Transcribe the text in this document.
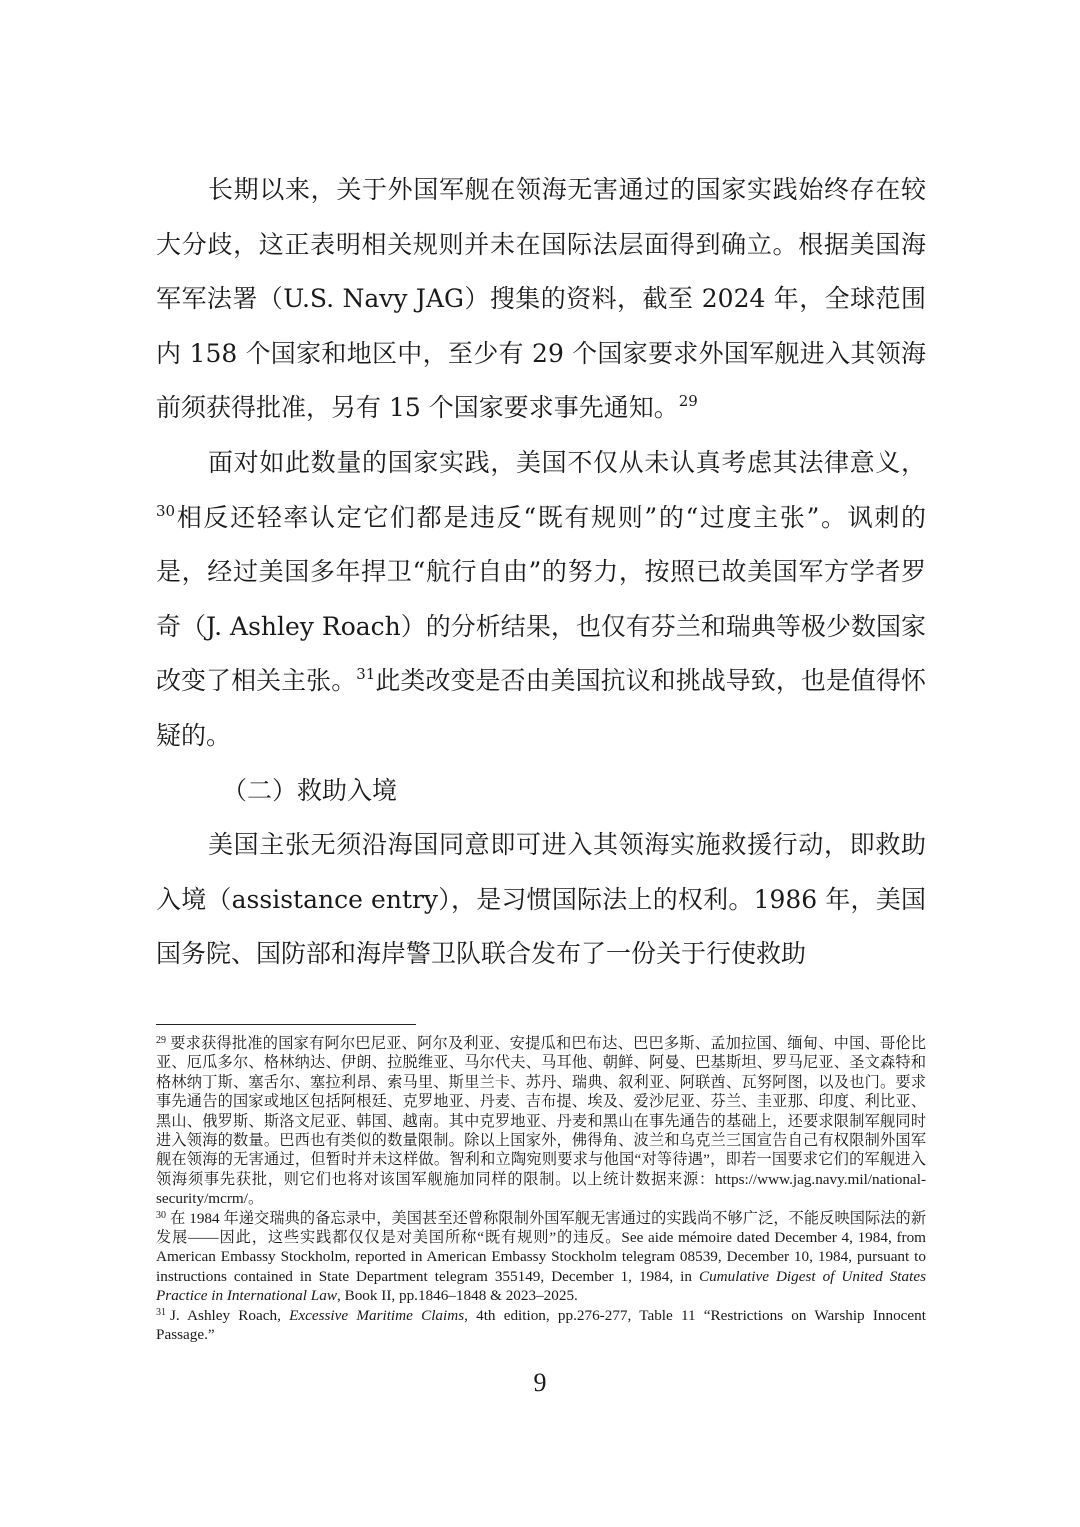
长期以来，关于外国军舰在领海无害通过的国家实践始终存在较大分歧，这正表明相关规则并未在国际法层面得到确立。根据美国海军军法署（U.S. Navy JAG）搜集的资料，截至 2024 年，全球范围内 158 个国家和地区中，至少有 29 个国家要求外国军舰进入其领海前须获得批准，另有 15 个国家要求事先通知。$^{29}$

面对如此数量的国家实践，美国不仅从未认真考虑其法律意义，$^{30}$相反还轻率认定它们都是违反“既有规则”的“过度主张”。讽刺的是，经过美国多年捍卫“航行自由”的努力，按照已故美国军方学者罗奇（J. Ashley Roach）的分析结果，也仅有芬兰和瑞典等极少数国家改变了相关主张。$^{31}$此类改变是否由美国抗议和挑战导致，也是值得怀疑的。

（二）救助入境

美国主张无须沿海国同意即可进入其领海实施救援行动，即救助入境（assistance entry），是习惯国际法上的权利。1986 年，美国国务院、国防部和海岸警卫队联合发布了一份关于行使救助

$^{29}$ 要求获得批准的国家有阿尔巴尼亚、阿尔及利亚、安提瓜和巴布达、巴巴多斯、孟加拉国、缅甸、中国、哥伦比亚、厄瓜多尔、格林纳达、伊朗、拉脱维亚、马尔代夫、马耳他、朝鲜、阿曼、巴基斯坦、罗马尼亚、圣文森特和格林纳丁斯、塞舌尔、塞拉利昂、索马里、斯里兰卡、苏丹、瑞典、叙利亚、阿联酋、瓦努阿图，以及也门。要求事先通告的国家或地区包括阿根廷、克罗地亚、丹麦、吉布提、埃及、爱沙尼亚、芬兰、圭亚那、印度、利比亚、黑山、俄罗斯、斯洛文尼亚、韩国、越南。其中克罗地亚、丹麦和黑山在事先通告的基础上，还要求限制军舰同时进入领海的数量。巴西也有类似的数量限制。除以上国家外，佛得角、波兰和乌克兰三国宣告自己有权限制外国军舰在领海的无害通过，但暂时并未这样做。智利和立陶宛则要求与他国“对等待遇”，即若一国要求它们的军舰进入领海须事先获批，则它们也将对该国军舰施加同样的限制。以上统计数据来源：https://www.jag.navy.mil/national-security/mcrm/。

$^{30}$ 在 1984 年递交瑞典的备忘录中，美国甚至还曾称限制外国军舰无害通过的实践尚不够广泛，不能反映国际法的新发展——因此，这些实践都仅仅是对美国所称“既有规则”的违反。See aide mémoire dated December 4, 1984, from American Embassy Stockholm, reported in American Embassy Stockholm telegram 08539, December 10, 1984, pursuant to instructions contained in State Department telegram 355149, December 1, 1984, in Cumulative Digest of United States Practice in International Law, Book II, pp.1846–1848 & 2023–2025.

$^{31}$ J. Ashley Roach, Excessive Maritime Claims, 4th edition, pp.276-277, Table 11 “Restrictions on Warship Innocent Passage.”

9
